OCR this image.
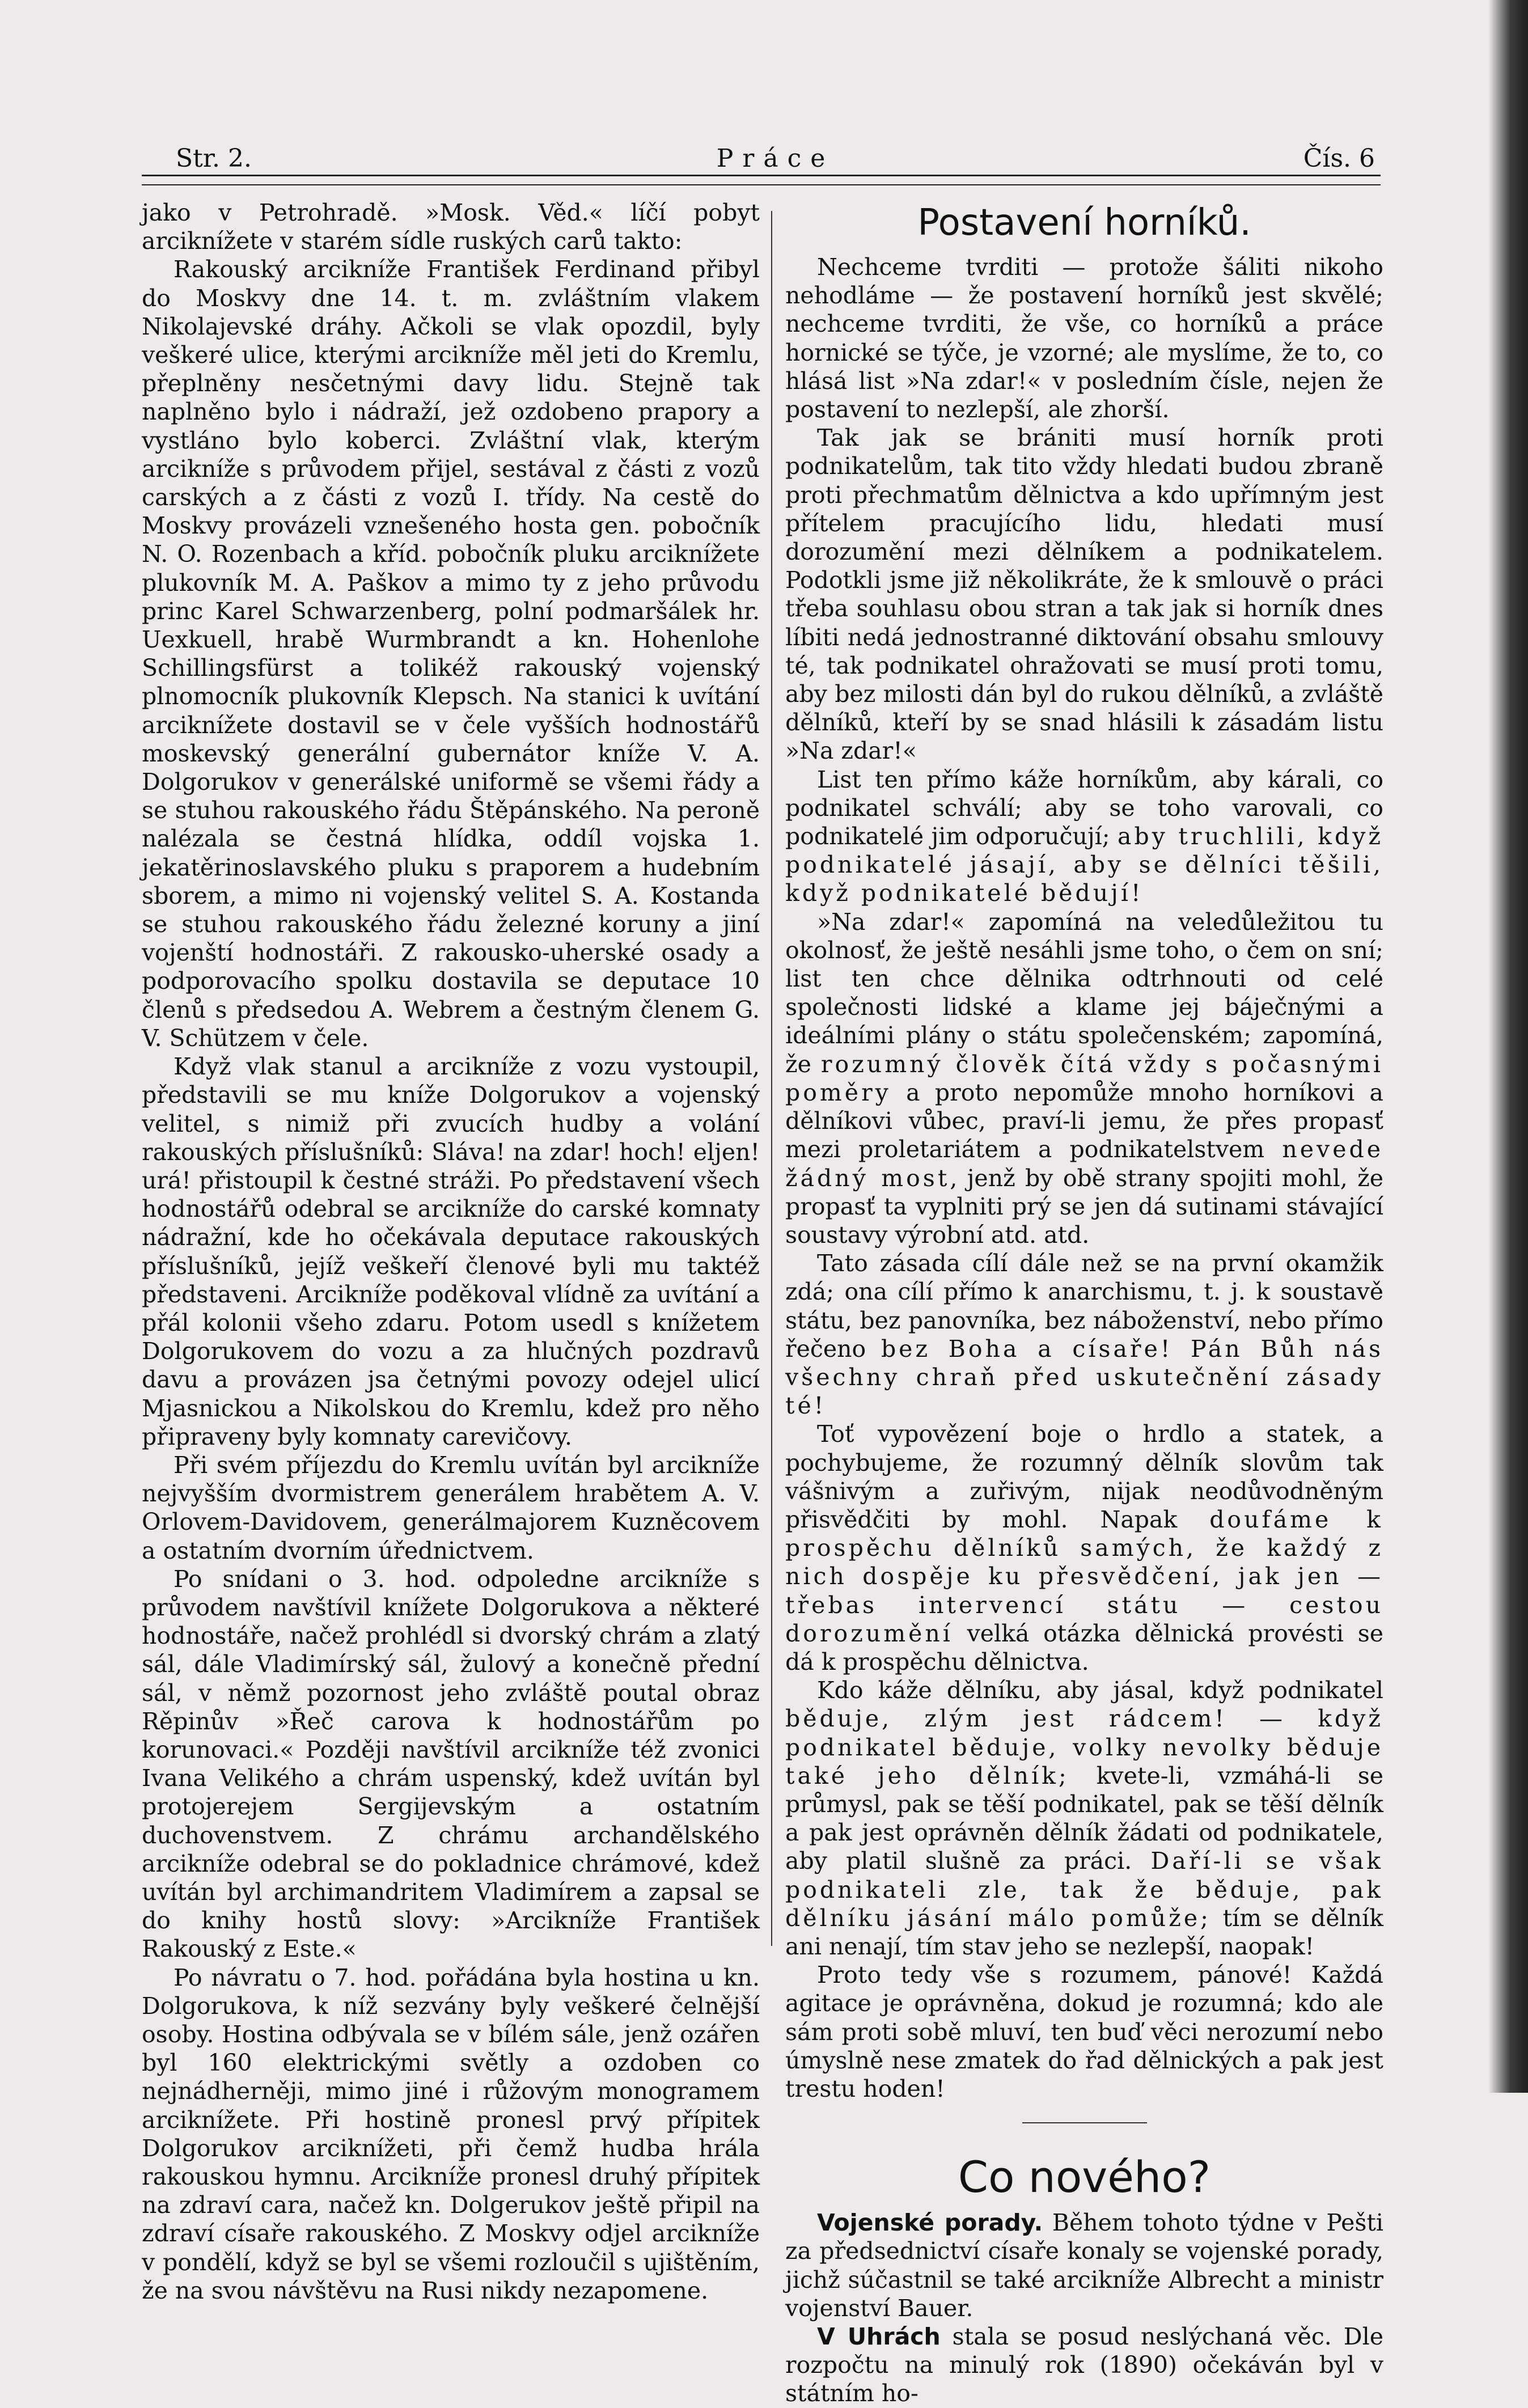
Str. 2.	Práce	Čís. 6

jako v Petrohradě. »Mosk. Věd.« líčí pobyt arciknížete v starém sídle ruských carů takto:

Rakouský arcikníže František Ferdinand přibyl do Moskvy dne 14. t. m. zvláštním vlakem Nikolajevské dráhy. Ačkoli se vlak opozdil, byly veškeré ulice, kterými arcikníže měl jeti do Kremlu, přeplněny nesčetnými davy lidu. Stejně tak naplněno bylo i nádraží, jež ozdobeno prapory a vystláno bylo koberci. Zvláštní vlak, kterým arcikníže s průvodem přijel, sestával z části z vozů carských a z části z vozů I. třídy. Na cestě do Moskvy provázeli vznešeného hosta gen. pobočník N. O. Rozenbach a kříd. pobočník pluku arciknížete plukovník M. A. Paškov a mimo ty z jeho průvodu princ Karel Schwarzenberg, polní podmaršálek hr. Uexkuell, hrabě Wurmbrandt a kn. Hohenlohe Schillingsfürst a tolikéž rakouský vojenský plnomocník plukovník Klepsch. Na stanici k uvítání arciknížete dostavil se v čele vyšších hodnostářů moskevský generální gubernátor kníže V. A. Dolgorukov v generálské uniformě se všemi řády a se stuhou rakouského řádu Štěpánského. Na peroně nalézala se čestná hlídka, oddíl vojska 1. jekatěrinoslavského pluku s praporem a hudebním sborem, a mimo ni vojenský velitel S. A. Kostanda se stuhou rakouského řádu železné koruny a jiní vojenští hodnostáři. Z rakousko-uherské osady a podporovacího spolku dostavila se deputace 10 členů s předsedou A. Webrem a čestným členem G. V. Schützem v čele.

Když vlak stanul a arcikníže z vozu vystoupil, představili se mu kníže Dolgorukov a vojenský velitel, s nimiž při zvucích hudby a volání rakouských příslušníků: Sláva! na zdar! hoch! eljen! urá! přistoupil k čestné stráži. Po představení všech hodnostářů odebral se arcikníže do carské komnaty nádražní, kde ho očekávala deputace rakouských příslušníků, jejíž veškeří členové byli mu taktéž představeni. Arcikníže poděkoval vlídně za uvítání a přál kolonii všeho zdaru. Potom usedl s knížetem Dolgorukovem do vozu a za hlučných pozdravů davu a provázen jsa četnými povozy odejel ulicí Mjasnickou a Nikolskou do Kremlu, kdež pro něho připraveny byly komnaty carevičovy.

Při svém příjezdu do Kremlu uvítán byl arcikníže nejvyšším dvormistrem generálem hrabětem A. V. Orlovem-Davidovem, generálmajorem Kuzněcovem a ostatním dvorním úřednictvem.

Po snídani o 3. hod. odpoledne arcikníže s průvodem navštívil knížete Dolgorukova a některé hodnostáře, načež prohlédl si dvorský chrám a zlatý sál, dále Vladimírský sál, žulový a konečně přední sál, v němž pozornost jeho zvláště poutal obraz Rěpinův »Řeč carova k hodnostářům po korunovaci.« Později navštívil arcikníže též zvonici Ivana Velikého a chrám uspenský, kdež uvítán byl protojerejem Sergijevským a ostatním duchovenstvem. Z chrámu archandělského arcikníže odebral se do pokladnice chrámové, kdež uvítán byl archimandritem Vladimírem a zapsal se do knihy hostů slovy: »Arcikníže František Rakouský z Este.«

Po návratu o 7. hod. pořádána byla hostina u kn. Dolgorukova, k níž sezvány byly veškeré čelnější osoby. Hostina odbývala se v bílém sále, jenž ozářen byl 160 elektrickými světly a ozdoben co nejnádherněji, mimo jiné i růžovým monogramem arciknížete. Při hostině pronesl prvý přípitek Dolgorukov arciknížeti, při čemž hudba hrála rakouskou hymnu. Arcikníže pronesl druhý přípitek na zdraví cara, načež kn. Dolgerukov ještě připil na zdraví císaře rakouského. Z Moskvy odjel arcikníže v pondělí, když se byl se všemi rozloučil s ujištěním, že na svou návštěvu na Rusi nikdy nezapomene.

Postavení horníků.

Nechceme tvrditi — protože šáliti nikoho nehodláme — že postavení horníků jest skvělé; nechceme tvrditi, že vše, co horníků a práce hornické se týče, je vzorné; ale myslíme, že to, co hlásá list »Na zdar!« v posledním čísle, nejen že postavení to nezlepší, ale zhorší.

Tak jak se brániti musí horník proti podnikatelům, tak tito vždy hledati budou zbraně proti přechmatům dělnictva a kdo upřímným jest přítelem pracujícího lidu, hledati musí dorozumění mezi dělníkem a podnikatelem. Podotkli jsme již několikráte, že k smlouvě o práci třeba souhlasu obou stran a tak jak si horník dnes líbiti nedá jednostranné diktování obsahu smlouvy té, tak podnikatel ohražovati se musí proti tomu, aby bez milosti dán byl do rukou dělníků, a zvláště dělníků, kteří by se snad hlásili k zásadám listu »Na zdar!«

List ten přímo káže horníkům, aby kárali, co podnikatel schválí; aby se toho varovali, co podnikatelé jim odporučují; aby truchlili, když podnikatelé jásají, aby se dělníci těšili, když podnikatelé bědují!

»Na zdar!« zapomíná na veledůležitou tu okolnosť, že ještě nesáhli jsme toho, o čem on sní; list ten chce dělnika odtrhnouti od celé společnosti lidské a klame jej báječnými a ideálními plány o státu společenském; zapomíná, že rozumný člověk čítá vždy s počasnými poměry a proto nepomůže mnoho horníkovi a dělníkovi vůbec, praví-li jemu, že přes propasť mezi proletariátem a podnikatelstvem nevede žádný most, jenž by obě strany spojiti mohl, že propasť ta vyplniti prý se jen dá sutinami stávající soustavy výrobní atd. atd.

Tato zásada cílí dále než se na první okamžik zdá; ona cílí přímo k anarchismu, t. j. k soustavě státu, bez panovníka, bez náboženství, nebo přímo řečeno bez Boha a císaře! Pán Bůh nás všechny chraň před uskutečnění zásady té!

Toť vypovězení boje o hrdlo a statek, a pochybujeme, že rozumný dělník slovům tak vášnivým a zuřivým, nijak neodůvodněným přisvědčiti by mohl. Napak doufáme k prospěchu dělníků samých, že každý z nich dospěje ku přesvědčení, jak jen — třebas intervencí státu — cestou dorozumění velká otázka dělnická provésti se dá k prospěchu dělnictva.

Kdo káže dělníku, aby jásal, když podnikatel běduje, zlým jest rádcem! — když podnikatel běduje, volky nevolky běduje také jeho dělník; kvete-li, vzmáhá-li se průmysl, pak se těší podnikatel, pak se těší dělník a pak jest oprávněn dělník žádati od podnikatele, aby platil slušně za práci. Daří-li se však podnikateli zle, tak že běduje, pak dělníku jásání málo pomůže; tím se dělník ani nenají, tím stav jeho se nezlepší, naopak!

Proto tedy vše s rozumem, pánové! Každá agitace je oprávněna, dokud je rozumná; kdo ale sám proti sobě mluví, ten buď věci nerozumí nebo úmyslně nese zmatek do řad dělnických a pak jest trestu hoden!

Co nového?

Vojenské porady. Během tohoto týdne v Pešti za předsednictví císaře konaly se vojenské porady, jichž súčastnil se také arcikníže Albrecht a ministr vojenství Bauer.

V Uhrách stala se posud neslýchaná věc. Dle rozpočtu na minulý rok (1890) očekáván byl v státním ho-
